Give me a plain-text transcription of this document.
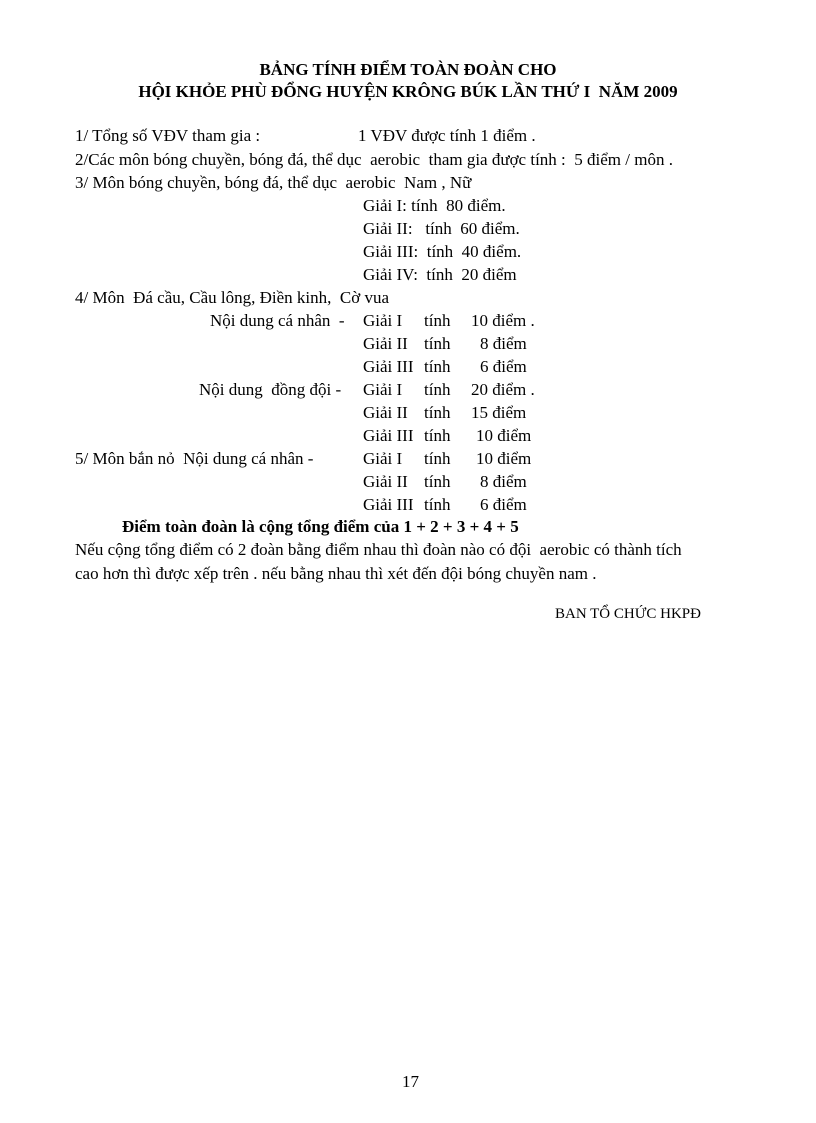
BẢNG TÍNH ĐIỂM TOÀN ĐOÀN CHO
HỘI KHỎE PHÙ ĐỔNG HUYỆN KRÔNG BÚK LẦN THỨ I  NĂM 2009
1/ Tổng số VĐV tham gia :	1 VĐV được tính 1 điểm .
2/Các môn bóng chuyền, bóng đá, thể dục  aerobic  tham gia được tính :  5 điểm / môn .
3/ Môn bóng chuyền, bóng đá, thể dục  aerobic  Nam , Nữ
Giải I: tính  80 điểm.
Giải II:   tính  60 điểm.
Giải III:  tính  40 điểm.
Giải IV:  tính  20 điểm
4/ Môn  Đá cầu, Cầu lông, Điền kinh,  Cờ vua
Nội dung cá nhân  - Giải I tính 10 điểm .
Giải II tính 8 điểm
Giải III tính 6 điểm
Nội dung  đồng đội - Giải I tính 20 điểm .
Giải II tính 15 điểm
Giải III tính 10 điểm
5/ Môn bắn nỏ  Nội dung cá nhân -	Giải I tính 10 điểm
Giải II tính 8 điểm
Giải III tính 6 điểm
Điểm toàn đoàn là cộng tổng điểm của 1 + 2 + 3 + 4 + 5
Nếu cộng tổng điểm có 2 đoàn bằng điểm nhau thì đoàn nào có đội  aerobic có thành tích
cao hơn thì được xếp trên . nếu bằng nhau thì xét đến đội bóng chuyền nam .
BAN TỔ CHỨC HKPĐ
17
